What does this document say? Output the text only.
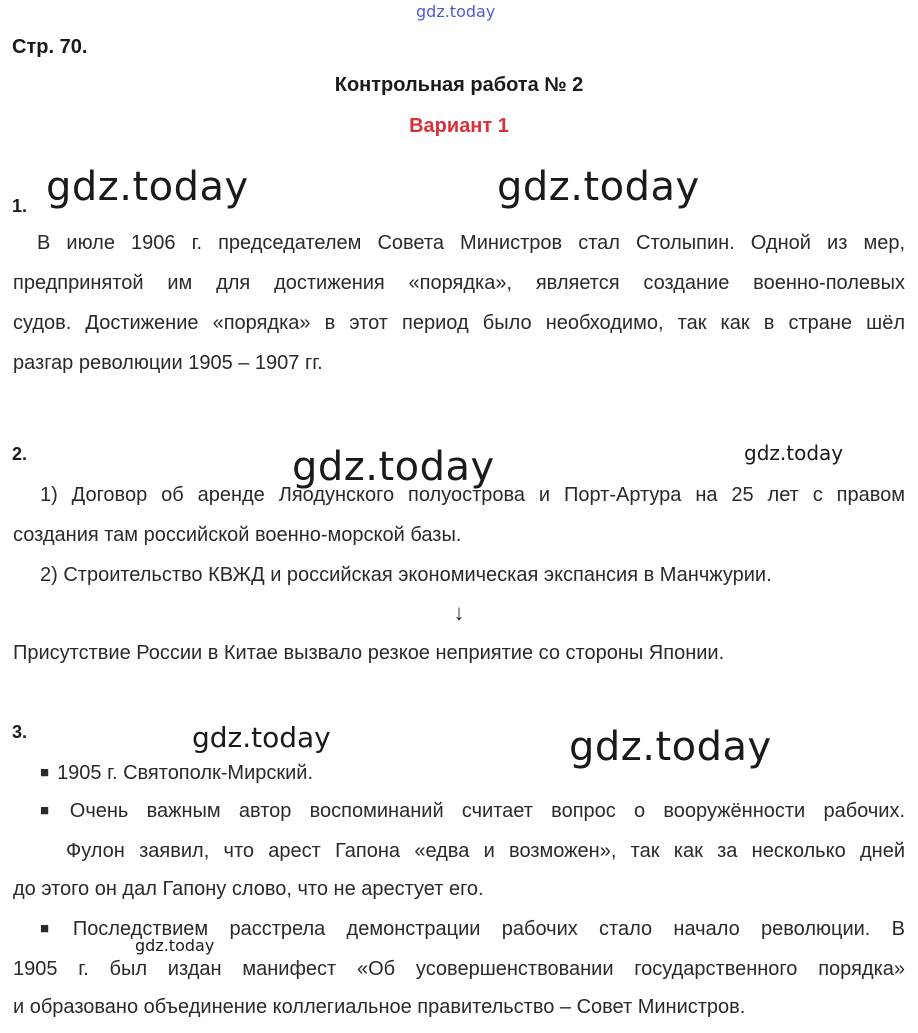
gdz.today
gdz.today	gdz.today
gdz.today	gdz.today
gdz.today	gdz.today
gdz.today
Стр. 70.
Контрольная работа № 2
Вариант 1
1.
В июле 1906 г. председателем Совета Министров стал Столыпин. Одной из мер,
предпринятой им для достижения «порядка», является создание военно-полевых
судов. Достижение «порядка» в этот период было необходимо, так как в стране шёл
разгар революции 1905 – 1907 гг.
2.
1) Договор об аренде Ляодунского полуострова и Порт-Артура на 25 лет с правом
создания там российской военно-морской базы.
2) Строительство КВЖД и российская экономическая экспансия в Манчжурии.
↓
Присутствие России в Китае вызвало резкое неприятие со стороны Японии.
3.
■ 1905 г. Святополк-Мирский.
■ Очень важным автор воспоминаний считает вопрос о вооружённости рабочих.
Фулон заявил, что арест Гапона «едва и возможен», так как за несколько дней
до этого он дал Гапону слово, что не арестует его.
■ Последствием расстрела демонстрации рабочих стало начало революции. В
1905 г. был издан манифест «Об усовершенствовании государственного порядка»
и образовано объединение коллегиальное правительство – Совет Министров.
